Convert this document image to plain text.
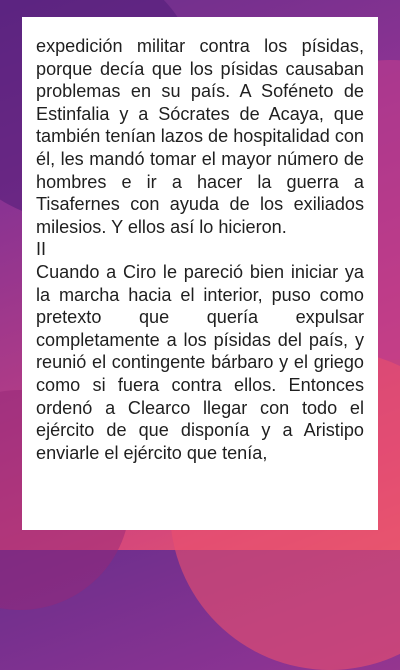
expedición militar contra los písidas, porque decía que los písidas causaban problemas en su país. A Soféneto de Estinfalia y a Sócrates de Acaya, que también tenían lazos de hospitalidad con él, les mandó tomar el mayor número de hombres e ir a hacer la guerra a Tisafernes con ayuda de los exiliados milesios. Y ellos así lo hicieron.

II

Cuando a Ciro le pareció bien iniciar ya la marcha hacia el interior, puso como pretexto que quería expulsar completamente a los písidas del país, y reunió el contingente bárbaro y el griego como si fuera contra ellos. Entonces ordenó a Clearco llegar con todo el ejército de que disponía y a Aristipo enviarle el ejército que tenía,
